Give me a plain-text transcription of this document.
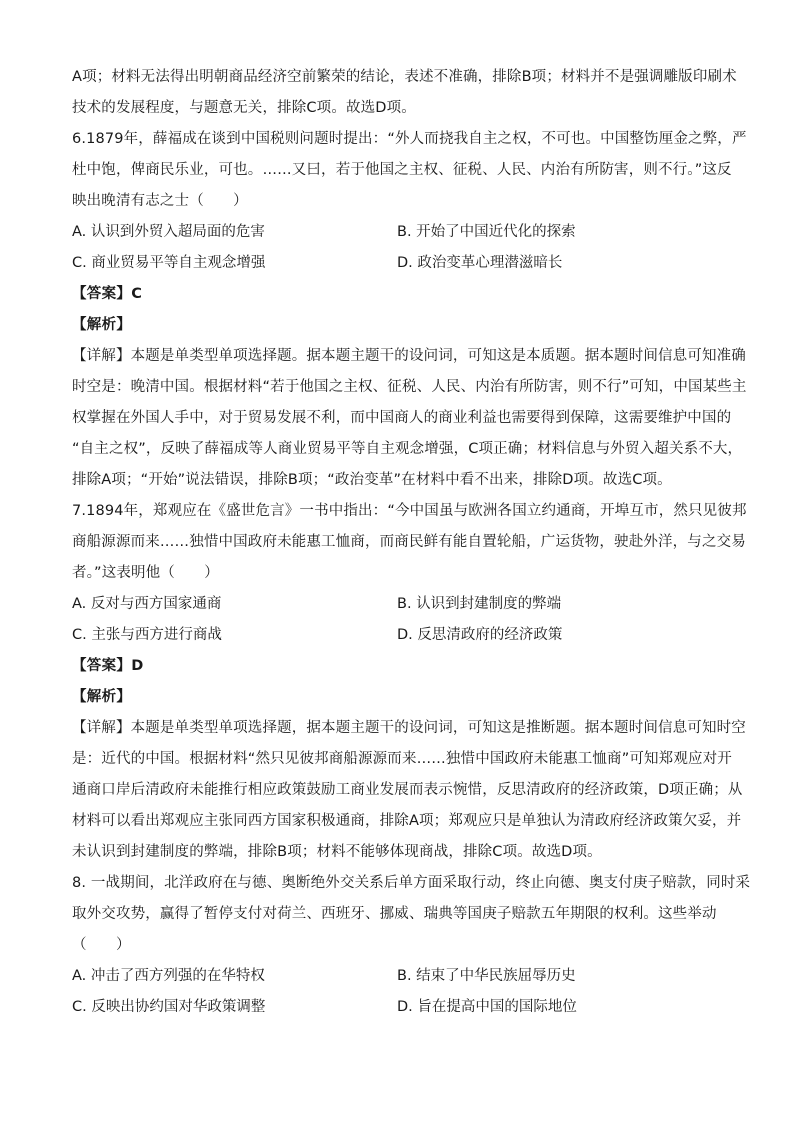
A项；材料无法得出明朝商品经济空前繁荣的结论，表述不准确，排除B项；材料并不是强调雕版印刷术
技术的发展程度，与题意无关，排除C项。故选D项。
6.1879年，薛福成在谈到中国税则问题时提出：“外人而挠我自主之权，不可也。中国整饬厘金之弊，严
杜中饱，俾商民乐业，可也。……又曰，若于他国之主权、征税、人民、内治有所防害，则不行。”这反
映出晚清有志之士（　　）
A. 认识到外贸入超局面的危害	B. 开始了中国近代化的探索
C. 商业贸易平等自主观念增强	D. 政治变革心理潜滋暗长
【答案】C
【解析】
【详解】本题是单类型单项选择题。据本题主题干的设问词，可知这是本质题。据本题时间信息可知准确
时空是：晚清中国。根据材料“若于他国之主权、征税、人民、内治有所防害，则不行”可知，中国某些主
权掌握在外国人手中，对于贸易发展不利，而中国商人的商业利益也需要得到保障，这需要维护中国的
“自主之权”，反映了薛福成等人商业贸易平等自主观念增强，C项正确；材料信息与外贸入超关系不大，
排除A项；“开始”说法错误，排除B项；“政治变革”在材料中看不出来，排除D项。故选C项。
7.1894年，郑观应在《盛世危言》一书中指出：“今中国虽与欧洲各国立约通商，开埠互市，然只见彼邦
商船源源而来……独惜中国政府未能惠工恤商，而商民鲜有能自置轮船，广运货物，驶赴外洋，与之交易
者。”这表明他（　　）
A. 反对与西方国家通商	B. 认识到封建制度的弊端
C. 主张与西方进行商战	D. 反思清政府的经济政策
【答案】D
【解析】
【详解】本题是单类型单项选择题，据本题主题干的设问词，可知这是推断题。据本题时间信息可知时空
是：近代的中国。根据材料“然只见彼邦商船源源而来……独惜中国政府未能惠工恤商”可知郑观应对开
通商口岸后清政府未能推行相应政策鼓励工商业发展而表示惋惜，反思清政府的经济政策，D项正确；从
材料可以看出郑观应主张同西方国家积极通商，排除A项；郑观应只是单独认为清政府经济政策欠妥，并
未认识到封建制度的弊端，排除B项；材料不能够体现商战，排除C项。故选D项。
8. 一战期间，北洋政府在与德、奥断绝外交关系后单方面采取行动，终止向德、奥支付庚子赔款，同时采
取外交攻势，赢得了暂停支付对荷兰、西班牙、挪威、瑞典等国庚子赔款五年期限的权利。这些举动
（　　）
A. 冲击了西方列强的在华特权	B. 结束了中华民族屈辱历史
C. 反映出协约国对华政策调整	D. 旨在提高中国的国际地位
